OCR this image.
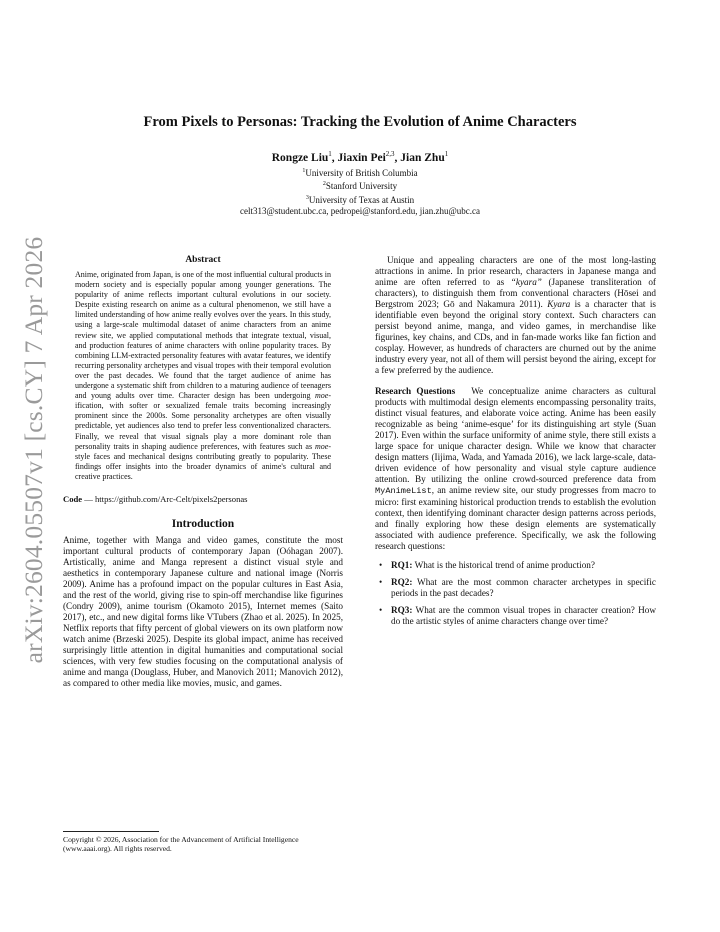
arXiv:2604.05507v1 [cs.CY] 7 Apr 2026
From Pixels to Personas: Tracking the Evolution of Anime Characters
Rongze Liu$^1$, Jiaxin Pei$^{2,3}$, Jian Zhu$^1$
$^1$University of British Columbia
$^2$Stanford University
$^3$University of Texas at Austin
celt313@student.ubc.ca, pedropei@stanford.edu, jian.zhu@ubc.ca
Abstract

Anime, originated from Japan, is one of the most influential cultural products in modern society and is especially popular among younger generations. The popularity of anime reflects important cultural evolutions in our society. Despite existing research on anime as a cultural phenomenon, we still have a limited understanding of how anime really evolves over the years. In this study, using a large-scale multimodal dataset of anime characters from an anime review site, we applied computational methods that integrate textual, visual, and production features of anime characters with online popularity traces. By combining LLM-extracted personality features with avatar features, we identify recurring personality archetypes and visual tropes with their temporal evolution over the past decades. We found that the target audience of anime has undergone a systematic shift from children to a maturing audience of teenagers and young adults over time. Character design has been undergoing moe-ification, with softer or sexualized female traits becoming increasingly prominent since the 2000s. Some personality archetypes are often visually predictable, yet audiences also tend to prefer less conventionalized characters. Finally, we reveal that visual signals play a more dominant role than personality traits in shaping audience preferences, with features such as moe-style faces and mechanical designs contributing greatly to popularity. These findings offer insights into the broader dynamics of anime's cultural and creative practices.

Code — https://github.com/Arc-Celt/pixels2personas
Introduction

Anime, together with Manga and video games, constitute the most important cultural products of contemporary Japan (Oóhagan 2007). Artistically, anime and Manga represent a distinct visual style and aesthetics in contemporary Japanese culture and national image (Norris 2009). Anime has a profound impact on the popular cultures in East Asia, and the rest of the world, giving rise to spin-off merchandise like figurines (Condry 2009), anime tourism (Okamoto 2015), Internet memes (Saito 2017), etc., and new digital forms like VTubers (Zhao et al. 2025). In 2025, Netflix reports that fifty percent of global viewers on its own platform now watch anime (Brzeski 2025). Despite its global impact, anime has received surprisingly little attention in digital humanities and computational social sciences, with very few studies focusing on the computational analysis of anime and manga (Douglass, Huber, and Manovich 2011; Manovich 2012), as compared to other media like movies, music, and games.

Unique and appealing characters are one of the most long-lasting attractions in anime. In prior research, characters in Japanese manga and anime are often referred to as “kyara” (Japanese transliteration of characters), to distinguish them from conventional characters (Hōsei and Bergstrom 2023; Gō and Nakamura 2011). Kyara is a character that is identifiable even beyond the original story context. Such characters can persist beyond anime, manga, and video games, in merchandise like figurines, key chains, and CDs, and in fan-made works like fan fiction and cosplay. However, as hundreds of characters are churned out by the anime industry every year, not all of them will persist beyond the airing, except for a few preferred by the audience.

Research Questions We conceptualize anime characters as cultural products with multimodal design elements encompassing personality traits, distinct visual features, and elaborate voice acting. Anime has been easily recognizable as being ‘anime-esque’ for its distinguishing art style (Suan 2017). Even within the surface uniformity of anime style, there still exists a large space for unique character design. While we know that character design matters (Iijima, Wada, and Yamada 2016), we lack large-scale, data-driven evidence of how personality and visual style capture audience attention. By utilizing the online crowd-sourced preference data from MyAnimeList, an anime review site, our study progresses from macro to micro: first examining historical production trends to establish the evolution context, then identifying dominant character design patterns across periods, and finally exploring how these design elements are systematically associated with audience preference. Specifically, we ask the following research questions:

• RQ1: What is the historical trend of anime production?
• RQ2: What are the most common character archetypes in specific periods in the past decades?
• RQ3: What are the common visual tropes in character creation? How do the artistic styles of anime characters change over time?
Copyright © 2026, Association for the Advancement of Artificial Intelligence (www.aaai.org). All rights reserved.
